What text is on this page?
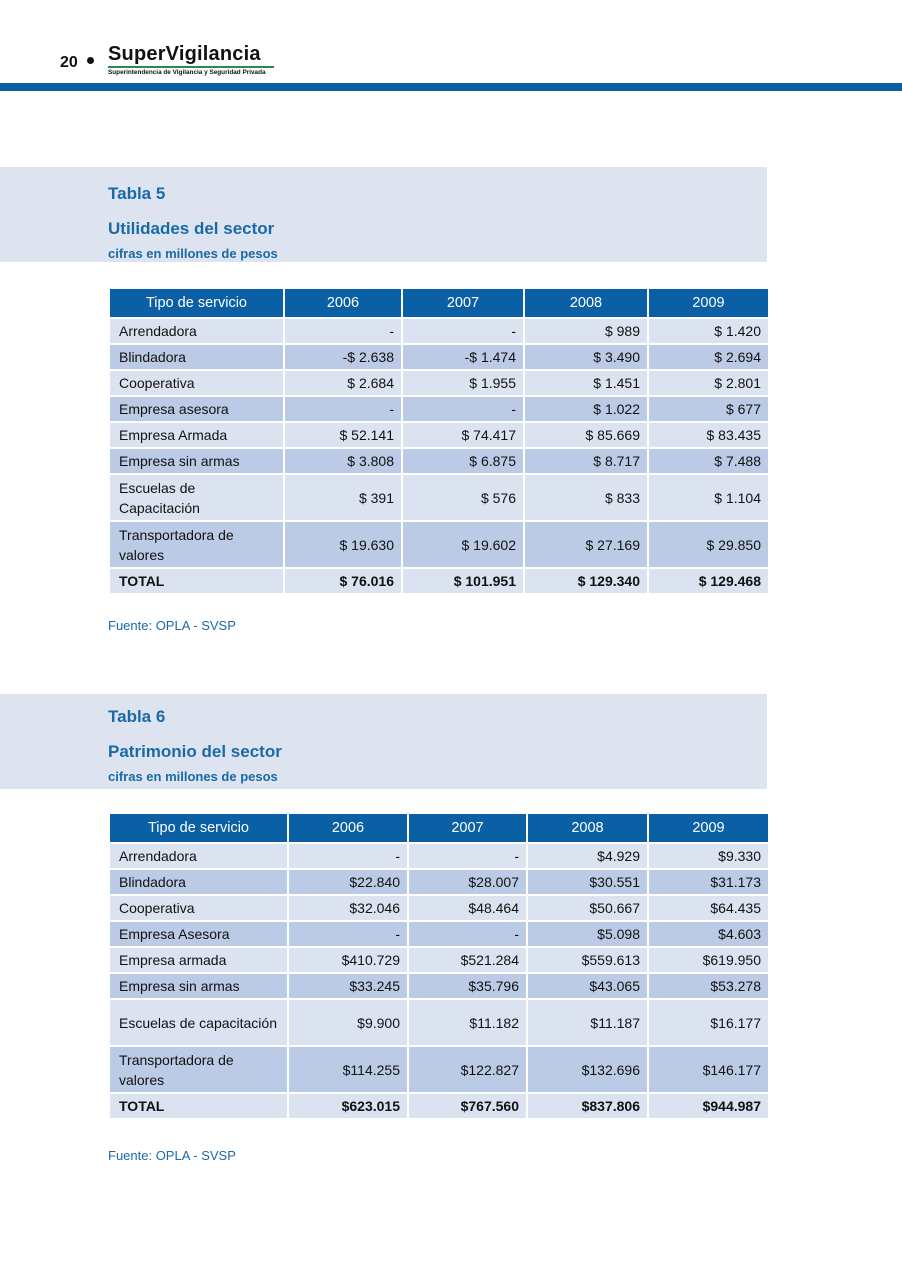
20 SuperVigilancia
Superintendencia de Vigilancia y Seguridad Privada
Tabla 5
Utilidades del sector
cifras en millones de pesos
Tipo de servicio	2006	2007	2008	2009
Arrendadora	-	-	$ 989	$ 1.420
Blindadora	-$ 2.638	-$ 1.474	$ 3.490	$ 2.694
Cooperativa	$ 2.684	$ 1.955	$ 1.451	$ 2.801
Empresa asesora	-	-	$ 1.022	$ 677
Empresa Armada	$ 52.141	$ 74.417	$ 85.669	$ 83.435
Empresa sin armas	$ 3.808	$ 6.875	$ 8.717	$ 7.488
Escuelas de Capacitación	$ 391	$ 576	$ 833	$ 1.104
Transportadora de valores	$ 19.630	$ 19.602	$ 27.169	$ 29.850
TOTAL	$ 76.016	$ 101.951	$ 129.340	$ 129.468
Fuente: OPLA - SVSP
Tabla 6
Patrimonio del sector
cifras en millones de pesos
Tipo de servicio	2006	2007	2008	2009
Arrendadora	-	-	$4.929	$9.330
Blindadora	$22.840	$28.007	$30.551	$31.173
Cooperativa	$32.046	$48.464	$50.667	$64.435
Empresa Asesora	-	-	$5.098	$4.603
Empresa armada	$410.729	$521.284	$559.613	$619.950
Empresa sin armas	$33.245	$35.796	$43.065	$53.278
Escuelas de capacitación	$9.900	$11.182	$11.187	$16.177
Transportadora de valores	$114.255	$122.827	$132.696	$146.177
TOTAL	$623.015	$767.560	$837.806	$944.987
Fuente: OPLA - SVSP
